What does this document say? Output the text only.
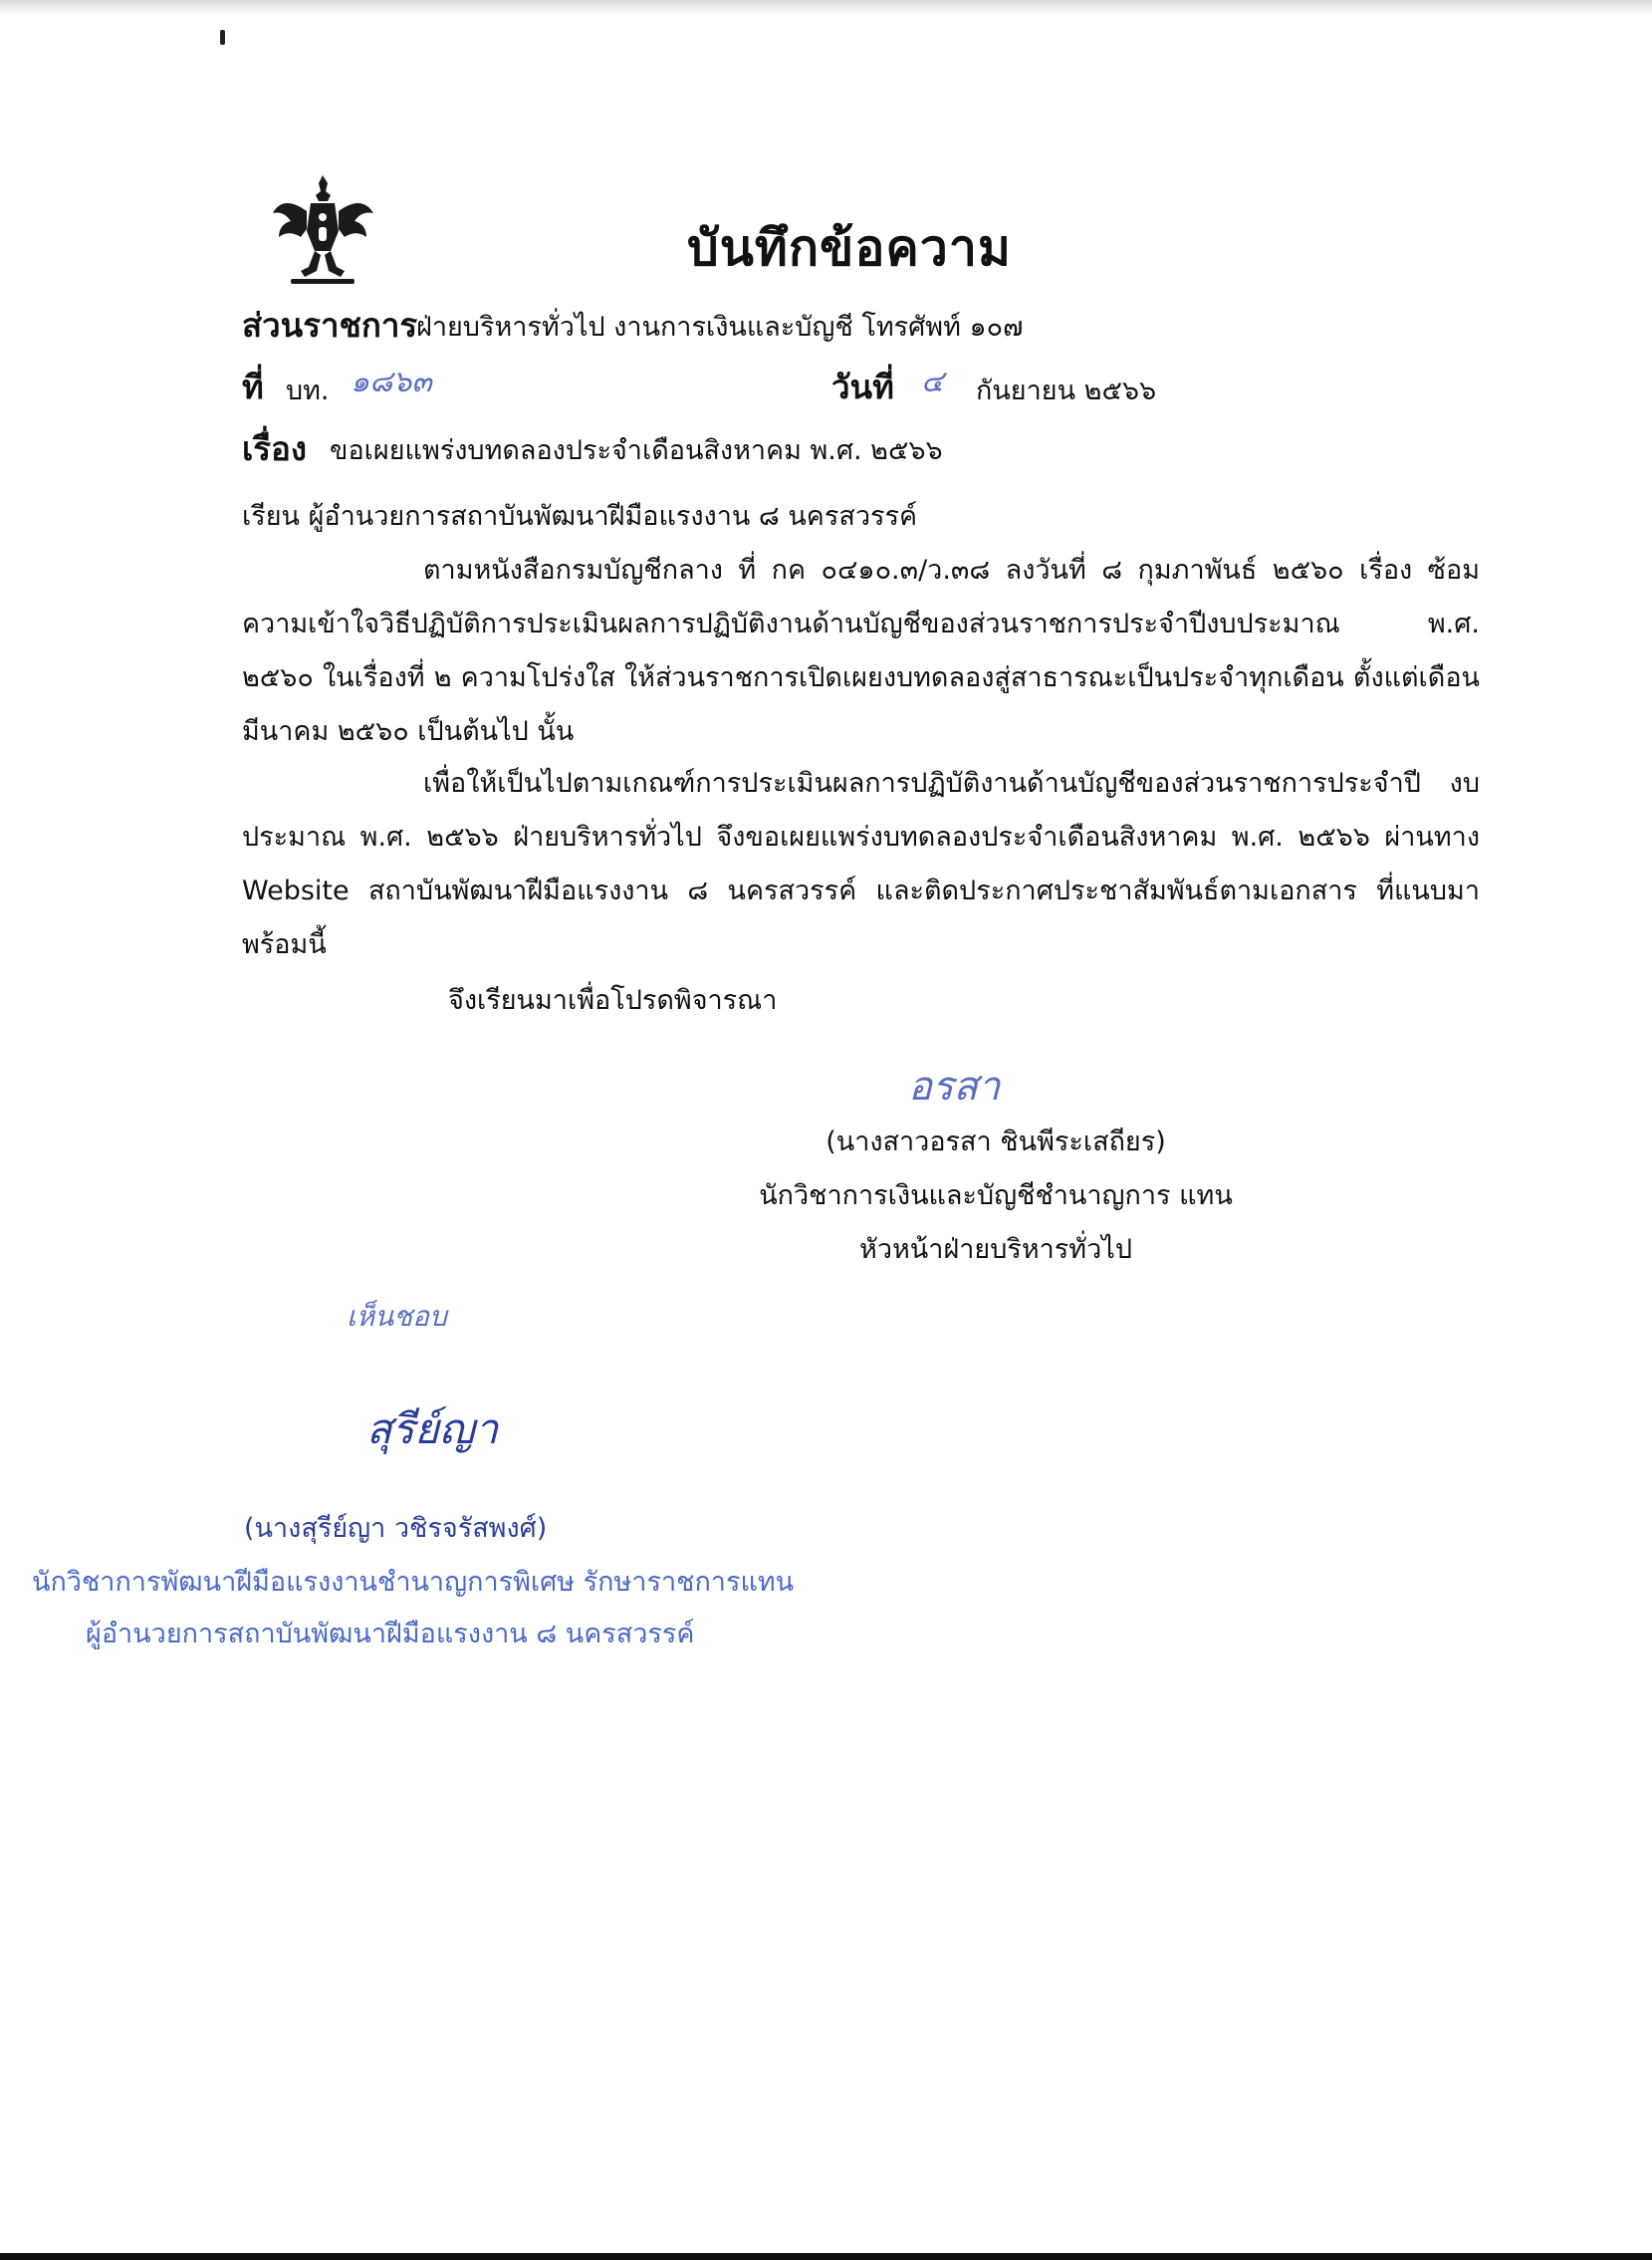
บันทึกข้อความ
ส่วนราชการ
ฝ่ายบริหารทั่วไป งานการเงินและบัญชี โทรศัพท์ ๑๐๗
ที่ บท. ๑๘๖๓	วันที่ ๔ กันยายน ๒๕๖๖
เรื่อง ขอเผยแพร่งบทดลองประจำเดือนสิงหาคม พ.ศ. ๒๕๖๖
เรียน ผู้อำนวยการสถาบันพัฒนาฝีมือแรงงาน ๘ นครสวรรค์
ตามหนังสือกรมบัญชีกลาง ที่ กค ๐๔๑๐.๓/ว.๓๘ ลงวันที่ ๘ กุมภาพันธ์ ๒๕๖๐ เรื่อง ซ้อมความเข้าใจวิธีปฏิบัติการประเมินผลการปฏิบัติงานด้านบัญชีของส่วนราชการประจำปีงบประมาณ พ.ศ. ๒๕๖๐ ในเรื่องที่ ๒ ความโปร่งใส ให้ส่วนราชการเปิดเผยงบทดลองสู่สาธารณะเป็นประจำทุกเดือน ตั้งแต่เดือนมีนาคม ๒๕๖๐ เป็นต้นไป นั้น
เพื่อให้เป็นไปตามเกณฑ์การประเมินผลการปฏิบัติงานด้านบัญชีของส่วนราชการประจำปี งบประมาณ พ.ศ. ๒๕๖๖ ฝ่ายบริหารทั่วไป จึงขอเผยแพร่งบทดลองประจำเดือนสิงหาคม พ.ศ. ๒๕๖๖ ผ่านทาง Website สถาบันพัฒนาฝีมือแรงงาน ๘ นครสวรรค์ และติดประกาศประชาสัมพันธ์ตามเอกสาร ที่แนบมาพร้อมนี้
จึงเรียนมาเพื่อโปรดพิจารณา
อรสา
(นางสาวอรสา ชินพีระเสถียร)
นักวิชาการเงินและบัญชีชำนาญการ แทน
หัวหน้าฝ่ายบริหารทั่วไป
เห็นชอบ
สุรีย์ญา
(นางสุรีย์ญา วชิรจรัสพงศ์)
นักวิชาการพัฒนาฝีมือแรงงานชำนาญการพิเศษ รักษาราชการแทน
ผู้อำนวยการสถาบันพัฒนาฝีมือแรงงาน ๘ นครสวรรค์
